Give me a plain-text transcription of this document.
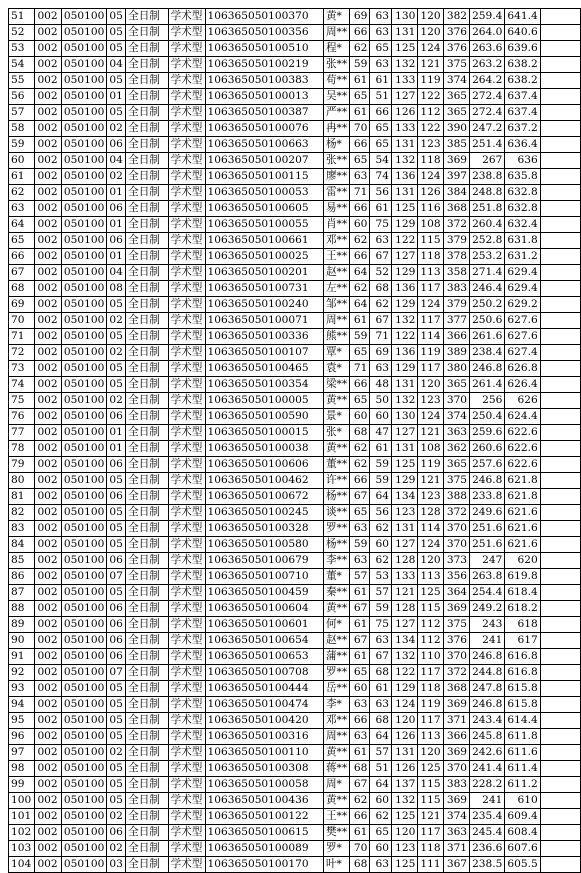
51	002	050100	05	全日制	学术型	106365050100370	黄*	69	63	130	120	382	259.4	641.4	
52	002	050100	05	全日制	学术型	106365050100356	周**	66	63	131	120	376	264.0	640.6	
53	002	050100	05	全日制	学术型	106365050100510	程*	62	65	125	124	376	263.6	639.6	
54	002	050100	04	全日制	学术型	106365050100219	张**	59	63	132	121	375	263.2	638.2	
55	002	050100	05	全日制	学术型	106365050100383	苟**	61	61	133	119	374	264.2	638.2	
56	002	050100	01	全日制	学术型	106365050100013	吴**	65	51	127	122	365	272.4	637.4	
57	002	050100	05	全日制	学术型	106365050100387	严**	61	66	126	112	365	272.4	637.4	
58	002	050100	02	全日制	学术型	106365050100076	冉**	70	65	133	122	390	247.2	637.2	
59	002	050100	06	全日制	学术型	106365050100663	杨*	66	65	131	123	385	251.4	636.4	
60	002	050100	04	全日制	学术型	106365050100207	张**	65	54	132	118	369	267	636	
61	002	050100	02	全日制	学术型	106365050100115	廖**	63	74	136	124	397	238.8	635.8	
62	002	050100	01	全日制	学术型	106365050100053	雷**	71	56	131	126	384	248.8	632.8	
63	002	050100	06	全日制	学术型	106365050100605	易**	66	61	125	116	368	251.8	632.8	
64	002	050100	01	全日制	学术型	106365050100055	肖**	60	75	129	108	372	260.4	632.4	
65	002	050100	06	全日制	学术型	106365050100661	邓**	62	63	122	115	379	252.8	631.8	
66	002	050100	01	全日制	学术型	106365050100025	王**	66	67	127	118	378	253.2	631.2	
67	002	050100	04	全日制	学术型	106365050100201	赵**	64	52	129	113	358	271.4	629.4	
68	002	050100	08	全日制	学术型	106365050100731	左**	62	68	136	117	383	246.4	629.4	
69	002	050100	05	全日制	学术型	106365050100240	邹**	64	62	129	124	379	250.2	629.2	
70	002	050100	02	全日制	学术型	106365050100071	周**	61	67	132	117	377	250.6	627.6	
71	002	050100	05	全日制	学术型	106365050100336	熊**	59	71	122	114	366	261.6	627.6	
72	002	050100	02	全日制	学术型	106365050100107	覃*	65	69	136	119	389	238.4	627.4	
73	002	050100	05	全日制	学术型	106365050100465	袁*	71	63	129	117	380	246.8	626.8	
74	002	050100	05	全日制	学术型	106365050100354	梁**	66	48	131	120	365	261.4	626.4	
75	002	050100	02	全日制	学术型	106365050100005	黄**	65	50	132	123	370	256	626	
76	002	050100	06	全日制	学术型	106365050100590	景*	60	60	130	124	374	250.4	624.4	
77	002	050100	01	全日制	学术型	106365050100015	张*	68	47	127	121	363	259.6	622.6	
78	002	050100	01	全日制	学术型	106365050100038	黄**	62	61	131	108	362	260.6	622.6	
79	002	050100	06	全日制	学术型	106365050100606	董**	62	59	125	119	365	257.6	622.6	
80	002	050100	05	全日制	学术型	106365050100462	许**	66	59	129	121	375	246.8	621.8	
81	002	050100	06	全日制	学术型	106365050100672	杨**	67	64	134	123	388	233.8	621.8	
82	002	050100	05	全日制	学术型	106365050100245	谈**	65	56	123	128	372	249.6	621.6	
83	002	050100	05	全日制	学术型	106365050100328	罗**	63	62	131	114	370	251.6	621.6	
84	002	050100	05	全日制	学术型	106365050100580	杨**	59	60	127	124	370	251.6	621.6	
85	002	050100	06	全日制	学术型	106365050100679	李**	63	62	128	120	373	247	620	
86	002	050100	07	全日制	学术型	106365050100710	董*	57	53	133	113	356	263.8	619.8	
87	002	050100	05	全日制	学术型	106365050100459	秦**	61	57	121	125	364	254.4	618.4	
88	002	050100	06	全日制	学术型	106365050100604	黄**	67	59	128	115	369	249.2	618.2	
89	002	050100	06	全日制	学术型	106365050100601	何*	61	75	127	112	375	243	618	
90	002	050100	06	全日制	学术型	106365050100654	赵**	67	63	134	112	376	241	617	
91	002	050100	06	全日制	学术型	106365050100653	蒲**	61	67	132	110	370	246.8	616.8	
92	002	050100	07	全日制	学术型	106365050100708	罗**	65	68	122	117	372	244.8	616.8	
93	002	050100	05	全日制	学术型	106365050100444	岳**	60	61	129	118	368	247.8	615.8	
94	002	050100	05	全日制	学术型	106365050100474	李*	63	63	124	119	369	246.8	615.8	
95	002	050100	05	全日制	学术型	106365050100420	邓**	66	68	120	117	371	243.4	614.4	
96	002	050100	05	全日制	学术型	106365050100316	周**	63	64	126	113	366	245.8	611.8	
97	002	050100	02	全日制	学术型	106365050100110	黄**	61	57	131	120	369	242.6	611.6	
98	002	050100	05	全日制	学术型	106365050100308	蒋**	68	51	126	125	370	241.4	611.4	
99	002	050100	05	全日制	学术型	106365050100058	周*	67	64	137	115	383	228.2	611.2	
100	002	050100	05	全日制	学术型	106365050100436	黄**	62	60	132	115	369	241	610	
101	002	050100	02	全日制	学术型	106365050100122	王**	66	62	125	121	374	235.4	609.4	
102	002	050100	06	全日制	学术型	106365050100615	樊**	61	65	120	117	363	245.4	608.4	
103	002	050100	02	全日制	学术型	106365050100089	罗*	70	60	123	118	371	236.6	607.6	
104	002	050100	03	全日制	学术型	106365050100170	叶*	68	63	125	111	367	238.5	605.5	
